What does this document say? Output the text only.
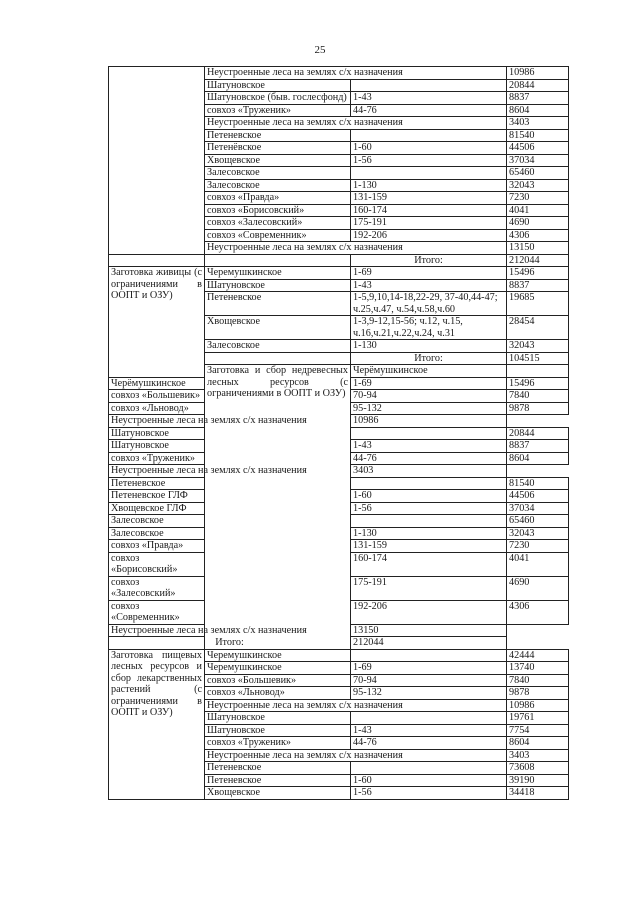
25
	Неустроенные леса на землях с/х назначения		10986	
	Шатуновское		20844	
	Шатуновское (быв. гослесфонд)	1-43	8837	
	совхоз «Труженик»	44-76	8604	
	Неустроенные леса на землях с/х назначения		3403	
	Петеневское		81540	
	Петенёвское	1-60	44506	
	Хвощевское	1-56	37034	
	Залесовское		65460	
	Залесовское	1-130	32043	
	совхоз «Правда»	131-159	7230	
	совхоз «Борисовский»	160-174	4041	
	совхоз «Залесовский»	175-191	4690	
	совхоз «Современник»	192-206	4306	
	Неустроенные леса на землях с/х назначения		13150	
		Итого:	212044	
Заготовка живицы (с ограничениями в ООПТ и ОЗУ)	Черемушкинское	1-69	15496	
	Шатуновское	1-43	8837	
	Петеневское	1-5,9,10,14-18,22-29, 37-40,44-47; ч.25,ч.47, ч.54,ч.58,ч.60	19685	
	Хвощевское	1-3,9-12,15-56; ч.12, ч.15, ч.16,ч.21,ч.22,ч.24, ч.31	28454	
	Залесовское	1-130	32043	
		Итого:	104515	
	Заготовка и сбор недревесных лесных ресурсов (с ограничениями в ООПТ и ОЗУ)	Черёмушкинское		
Черёмушкинское		1-69	15496	
совхоз «Большевик»		70-94	7840	
совхоз «Льновод»		95-132	9878	
Неустроенные леса на землях с/х назначения		10986		
Шатуновское			20844	
Шатуновское		1-43	8837	
совхоз «Труженик»		44-76	8604	
Неустроенные леса на землях с/х назначения		3403		
Петеневское			81540	
Петеневское ГЛФ		1-60	44506	
Хвощевское ГЛФ		1-56	37034	
Залесовское			65460	
Залесовское		1-130	32043	
совхоз «Правда»		131-159	7230	
совхоз «Борисовский»		160-174	4041	
совхоз «Залесовский»		175-191	4690	
совхоз «Современник»		192-206	4306	
Неустроенные леса на землях с/х назначения		13150		
Итого:		212044		
Заготовка пищевых лесных ресурсов и сбор лекарственных растений (с ограничениями в ООПТ и ОЗУ)	Черемушкинское		42444	
	Черемушкинское	1-69	13740	
	совхоз «Большевик»	70-94	7840	
	совхоз «Льновод»	95-132	9878	
	Неустроенные леса на землях с/х назначения		10986	
	Шатуновское		19761	
	Шатуновское	1-43	7754	
	совхоз «Труженик»	44-76	8604	
	Неустроенные леса на землях с/х назначения		3403	
	Петеневское		73608	
	Петеневское	1-60	39190	
	Хвощевское	1-56	34418	
